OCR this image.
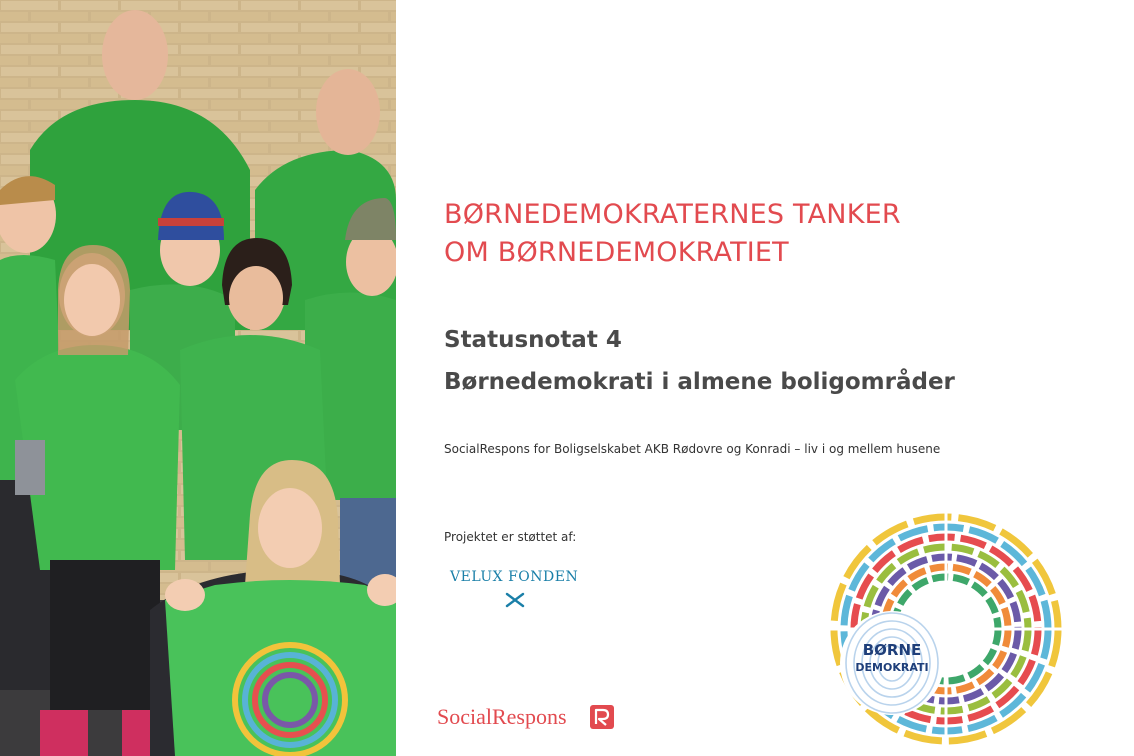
BØRNEDEMOKRATERNES TANKER
OM BØRNEDEMOKRATIET

Statusnotat 4

Børnedemokrati i almene boligområder

SocialRespons for Boligselskabet AKB Rødovre og Konradi – liv i og mellem husene

Projektet er støttet af:

VELUX FONDEN
SocialRespons
BØRNE
DEMOKRATI
